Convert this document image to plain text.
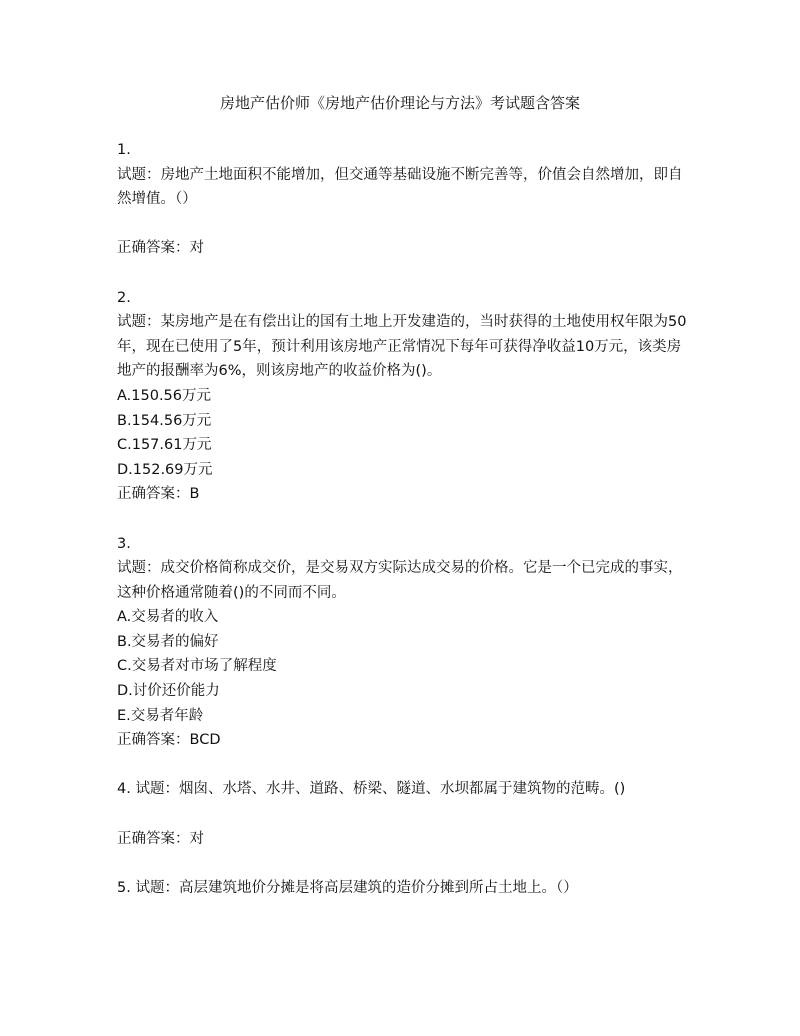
房地产估价师《房地产估价理论与方法》考试题含答案
1.
试题：房地产土地面积不能增加，但交通等基础设施不断完善等，价值会自然增加，即自
然增值。（）
正确答案：对
2.
试题：某房地产是在有偿出让的国有土地上开发建造的，当时获得的土地使用权年限为50
年，现在已使用了5年，预计利用该房地产正常情况下每年可获得净收益10万元，该类房
地产的报酬率为6%，则该房地产的收益价格为()。
A.150.56万元
B.154.56万元
C.157.61万元
D.152.69万元
正确答案：B
3.
试题：成交价格简称成交价，是交易双方实际达成交易的价格。它是一个已完成的事实，
这种价格通常随着()的不同而不同。
A.交易者的收入
B.交易者的偏好
C.交易者对市场了解程度
D.讨价还价能力
E.交易者年龄
正确答案：BCD
4. 试题：烟囱、水塔、水井、道路、桥梁、隧道、水坝都属于建筑物的范畴。()
正确答案：对
5. 试题：高层建筑地价分摊是将高层建筑的造价分摊到所占土地上。（）
